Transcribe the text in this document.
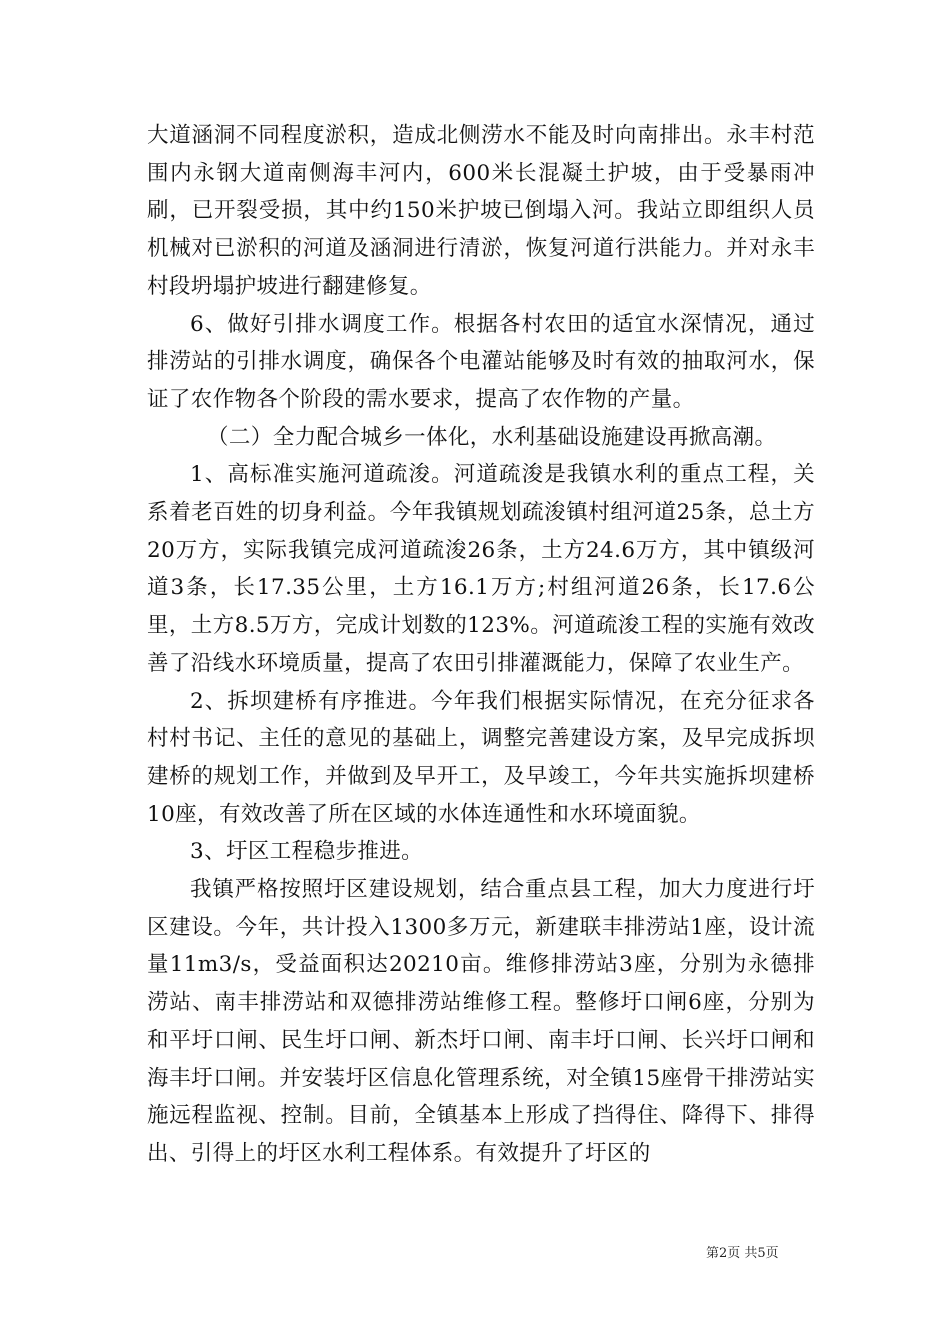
大道涵洞不同程度淤积，造成北侧涝水不能及时向南排出。永丰村范围内永钢大道南侧海丰河内，600米长混凝土护坡，由于受暴雨冲刷，已开裂受损，其中约150米护坡已倒塌入河。我站立即组织人员机械对已淤积的河道及涵洞进行清淤，恢复河道行洪能力。并对永丰村段坍塌护坡进行翻建修复。

6、做好引排水调度工作。根据各村农田的适宜水深情况，通过排涝站的引排水调度，确保各个电灌站能够及时有效的抽取河水，保证了农作物各个阶段的需水要求，提高了农作物的产量。

（二）全力配合城乡一体化，水利基础设施建设再掀高潮。

1、高标准实施河道疏浚。河道疏浚是我镇水利的重点工程，关系着老百姓的切身利益。今年我镇规划疏浚镇村组河道25条，总土方20万方，实际我镇完成河道疏浚26条，土方24.6万方，其中镇级河道3条，长17.35公里，土方16.1万方;村组河道26条，长17.6公里，土方8.5万方，完成计划数的123%。河道疏浚工程的实施有效改善了沿线水环境质量，提高了农田引排灌溉能力，保障了农业生产。

2、拆坝建桥有序推进。今年我们根据实际情况，在充分征求各村村书记、主任的意见的基础上，调整完善建设方案，及早完成拆坝建桥的规划工作，并做到及早开工，及早竣工，今年共实施拆坝建桥10座，有效改善了所在区域的水体连通性和水环境面貌。

3、圩区工程稳步推进。

我镇严格按照圩区建设规划，结合重点县工程，加大力度进行圩区建设。今年，共计投入1300多万元，新建联丰排涝站1座，设计流量11m3/s，受益面积达20210亩。维修排涝站3座，分别为永德排涝站、南丰排涝站和双德排涝站维修工程。整修圩口闸6座，分别为和平圩口闸、民生圩口闸、新杰圩口闸、南丰圩口闸、长兴圩口闸和海丰圩口闸。并安装圩区信息化管理系统，对全镇15座骨干排涝站实施远程监视、控制。目前，全镇基本上形成了挡得住、降得下、排得出、引得上的圩区水利工程体系。有效提升了圩区的

第2页 共5页
